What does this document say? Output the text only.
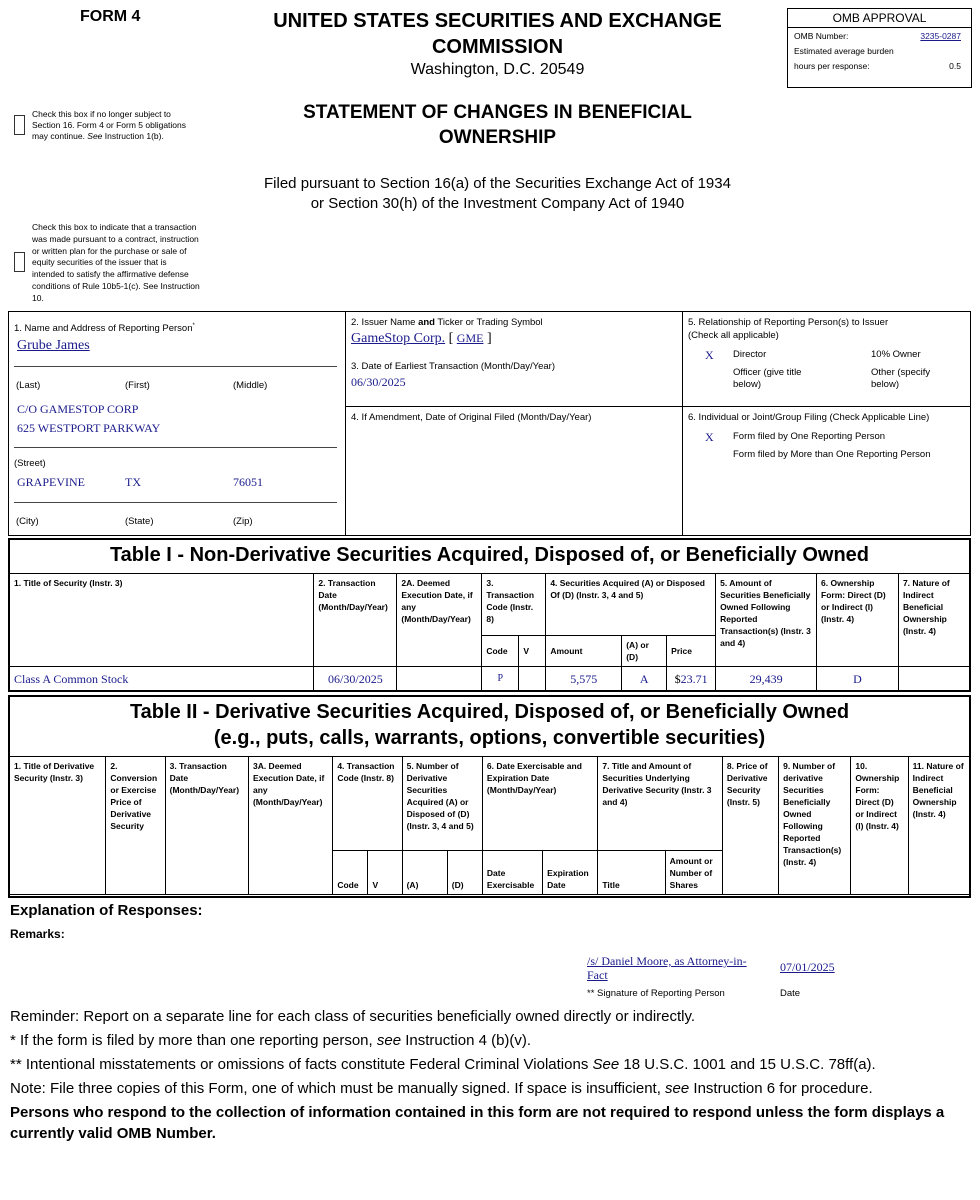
FORM 4	UNITED STATES SECURITIES AND EXCHANGE
COMMISSION
Washington, D.C. 20549
OMB APPROVAL
OMB Number:	3235-0287
Estimated average burden
hours per response:	0.5
Check this box if no longer subject to
Section 16. Form 4 or Form 5 obligations
may continue. See Instruction 1(b).
STATEMENT OF CHANGES IN BENEFICIAL
OWNERSHIP
Filed pursuant to Section 16(a) of the Securities Exchange Act of 1934
or Section 30(h) of the Investment Company Act of 1940
Check this box to indicate that a transaction
was made pursuant to a contract, instruction
or written plan for the purchase or sale of
equity securities of the issuer that is
intended to satisfy the affirmative defense
conditions of Rule 10b5-1(c). See Instruction
10.
1. Name and Address of Reporting Person*
Grube James
(Last)	(First)	(Middle)
C/O GAMESTOP CORP
625 WESTPORT PARKWAY
(Street)
GRAPEVINE	TX	76051
(City)	(State)	(Zip)
2. Issuer Name and Ticker or Trading Symbol
GameStop Corp. [ GME ]
3. Date of Earliest Transaction (Month/Day/Year)
06/30/2025
4. If Amendment, Date of Original Filed (Month/Day/Year)
5. Relationship of Reporting Person(s) to Issuer
(Check all applicable)
X Director	10% Owner
Officer (give title
below)
Other (specify
below)
6. Individual or Joint/Group Filing (Check Applicable Line)
X Form filed by One Reporting Person
Form filed by More than One Reporting Person
Table I - Non-Derivative Securities Acquired, Disposed of, or Beneficially Owned
1. Title of Security (Instr. 3)	2. Transaction Date (Month/Day/Year)	2A. Deemed Execution Date, if any (Month/Day/Year)	3. Transaction Code (Instr. 8)		4. Securities Acquired (A) or Disposed Of (D) (Instr. 3, 4 and 5)			5. Amount of Securities Beneficially Owned Following Reported Transaction(s) (Instr. 3 and 4)	6. Ownership Form: Direct (D) or Indirect (I) (Instr. 4)	7. Nature of Indirect Beneficial Ownership (Instr. 4)
			Code	V	Amount	(A) or (D)	Price			
Class A Common Stock	06/30/2025		P		5,575	A	$23.71	29,439	D	
Table II - Derivative Securities Acquired, Disposed of, or Beneficially Owned
(e.g., puts, calls, warrants, options, convertible securities)
1. Title of Derivative Security (Instr. 3)	2. Conversion or Exercise Price of Derivative Security	3. Transaction Date (Month/Day/Year)	3A. Deemed Execution Date, if any (Month/Day/Year)	4. Transaction Code (Instr. 8)		5. Number of Derivative Securities Acquired (A) or Disposed of (D) (Instr. 3, 4 and 5)		6. Date Exercisable and Expiration Date (Month/Day/Year)		7. Title and Amount of Securities Underlying Derivative Security (Instr. 3 and 4)		8. Price of Derivative Security (Instr. 5)	9. Number of derivative Securities Beneficially Owned Following Reported Transaction(s) (Instr. 4)	10. Ownership Form: Direct (D) or Indirect (I) (Instr. 4)	11. Nature of Indirect Beneficial Ownership (Instr. 4)
				Code	V	(A)	(D)	Date Exercisable	Expiration Date	Title	Amount or Number of Shares				
Explanation of Responses:
Remarks:
/s/ Daniel Moore, as Attorney-in-
Fact
07/01/2025
** Signature of Reporting Person	Date
Reminder: Report on a separate line for each class of securities beneficially owned directly or indirectly.
* If the form is filed by more than one reporting person, see Instruction 4 (b)(v).
** Intentional misstatements or omissions of facts constitute Federal Criminal Violations See 18 U.S.C. 1001 and 15 U.S.C. 78ff(a).
Note: File three copies of this Form, one of which must be manually signed. If space is insufficient, see Instruction 6 for procedure.
Persons who respond to the collection of information contained in this form are not required to respond unless the form displays a currently valid OMB Number.
